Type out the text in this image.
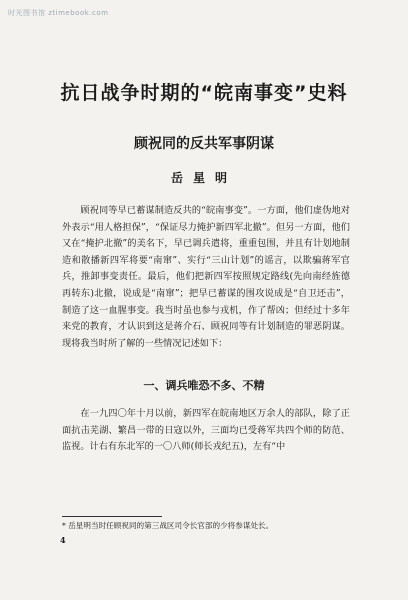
时光图书馆 ztimebook.com
抗日战争时期的“皖南事变”史料
顾祝同的反共军事阴谋
岳星明

顾祝同等早已蓄谋制造反共的“皖南事变”。一方面，他们虚伪地对外表示“用人格担保”，“保证尽力掩护新四军北撤”。但另一方面，他们又在“掩护北撤”的美名下，早已调兵遣将，重重包围，并且有计划地制造和散播新四军将要“南窜”、实行“三山计划”的谣言，以欺骗蒋军官兵，推卸事变责任。最后，他们把新四军按照规定路线(先向南经旌德再转东)北撤，说成是“南窜”；把早已蓄谋的围攻说成是“自卫还击”，制造了这一血腥事变。我当时虽也参与戎机，作了帮凶；但经过十多年来党的教育，才认识到这是蒋介石、顾祝同等有计划制造的罪恶阴谋。现将我当时所了解的一些情况记述如下：

一、调兵唯恐不多、不精

在一九四〇年十月以前，新四军在皖南地区万余人的部队，除了正面抗击芜湖、繁昌一带的日寇以外，三面均已受蒋军共四个师的防范、监视。计右有东北军的一〇八师(师长戎纪五)，左有“中

* 岳星明当时任顾祝同的第三战区司令长官部的少将参谋处长。
4
